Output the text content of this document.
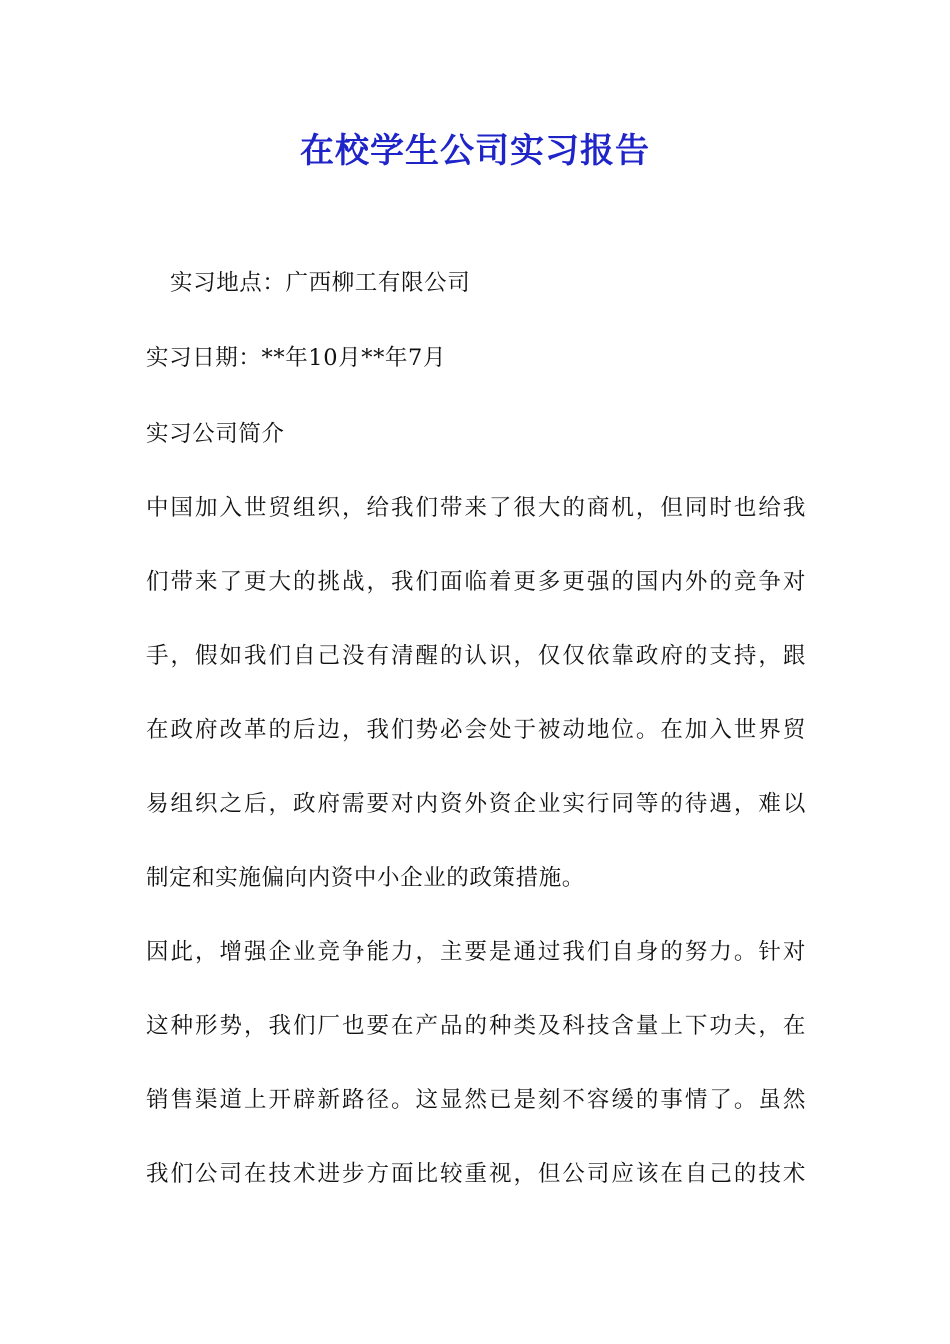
在校学生公司实习报告
实习地点：广西柳工有限公司
实习日期：**年10月**年7月
实习公司简介
中国加入世贸组织，给我们带来了很大的商机，但同时也给我
们带来了更大的挑战，我们面临着更多更强的国内外的竞争对
手，假如我们自己没有清醒的认识，仅仅依靠政府的支持，跟
在政府改革的后边，我们势必会处于被动地位。在加入世界贸
易组织之后，政府需要对内资外资企业实行同等的待遇，难以
制定和实施偏向内资中小企业的政策措施。
因此，增强企业竞争能力，主要是通过我们自身的努力。针对
这种形势，我们厂也要在产品的种类及科技含量上下功夫，在
销售渠道上开辟新路径。这显然已是刻不容缓的事情了。虽然
我们公司在技术进步方面比较重视，但公司应该在自己的技术
